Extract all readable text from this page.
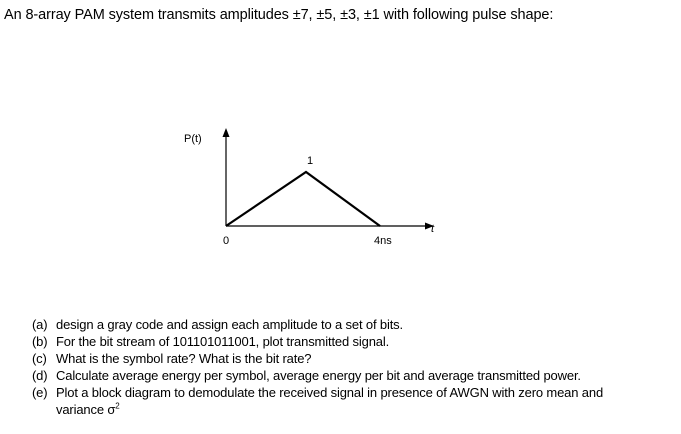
An 8-array PAM system transmits amplitudes ±7, ±5, ±3, ±1 with following pulse shape:
P(t)
t
1
0	4ns
(a) design a gray code and assign each amplitude to a set of bits.
(b) For the bit stream of 101101011001, plot transmitted signal.
(c) What is the symbol rate? What is the bit rate?
(d) Calculate average energy per symbol, average energy per bit and average transmitted power.
(e) Plot a block diagram to demodulate the received signal in presence of AWGN with zero mean and
variance $\sigma^2$
